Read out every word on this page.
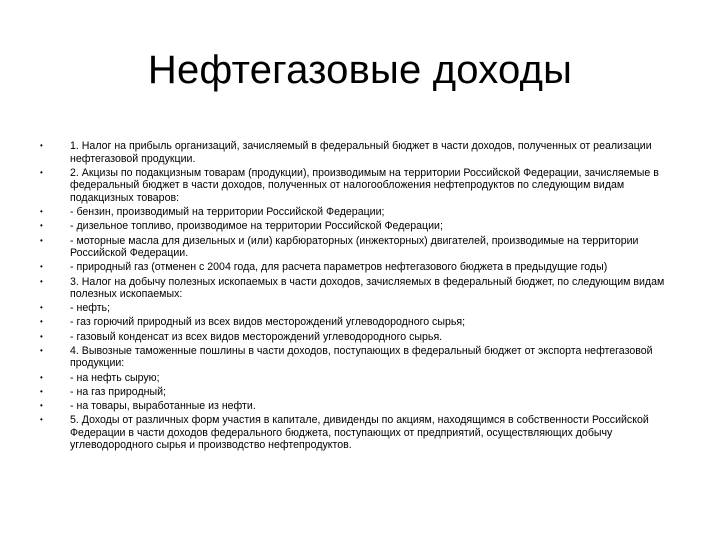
Нефтегазовые доходы
•	1. Налог на прибыль организаций, зачисляемый в федеральный бюджет в части доходов, полученных от реализации нефтегазовой продукции.
•	2. Акцизы по подакцизным товарам (продукции), производимым на территории Российской Федерации, зачисляемые в федеральный бюджет в части доходов, полученных от налогообложения нефтепродуктов по следующим видам подакцизных товаров:
•	- бензин, производимый на территории Российской Федерации;
•	- дизельное топливо, производимое на территории Российской Федерации;
•	- моторные масла для дизельных и (или) карбюраторных (инжекторных) двигателей, производимые на территории Российской Федерации.
•	- природный газ (отменен с 2004 года, для расчета параметров нефтегазового бюджета в предыдущие годы)
•	3. Налог на добычу полезных ископаемых в части доходов, зачисляемых в федеральный бюджет, по следующим видам полезных ископаемых:
•	- нефть;
•	- газ горючий природный из всех видов месторождений углеводородного сырья;
•	- газовый конденсат из всех видов месторождений углеводородного сырья.
•	4. Вывозные таможенные пошлины в части доходов, поступающих в федеральный бюджет от экспорта нефтегазовой продукции:
•	- на нефть сырую;
•	- на газ природный;
•	- на товары, выработанные из нефти.
•	5. Доходы от различных форм участия в капитале, дивиденды по акциям, находящимся в собственности Российской Федерации в части доходов федерального бюджета, поступающих от предприятий, осуществляющих добычу углеводородного сырья и производство нефтепродуктов.
